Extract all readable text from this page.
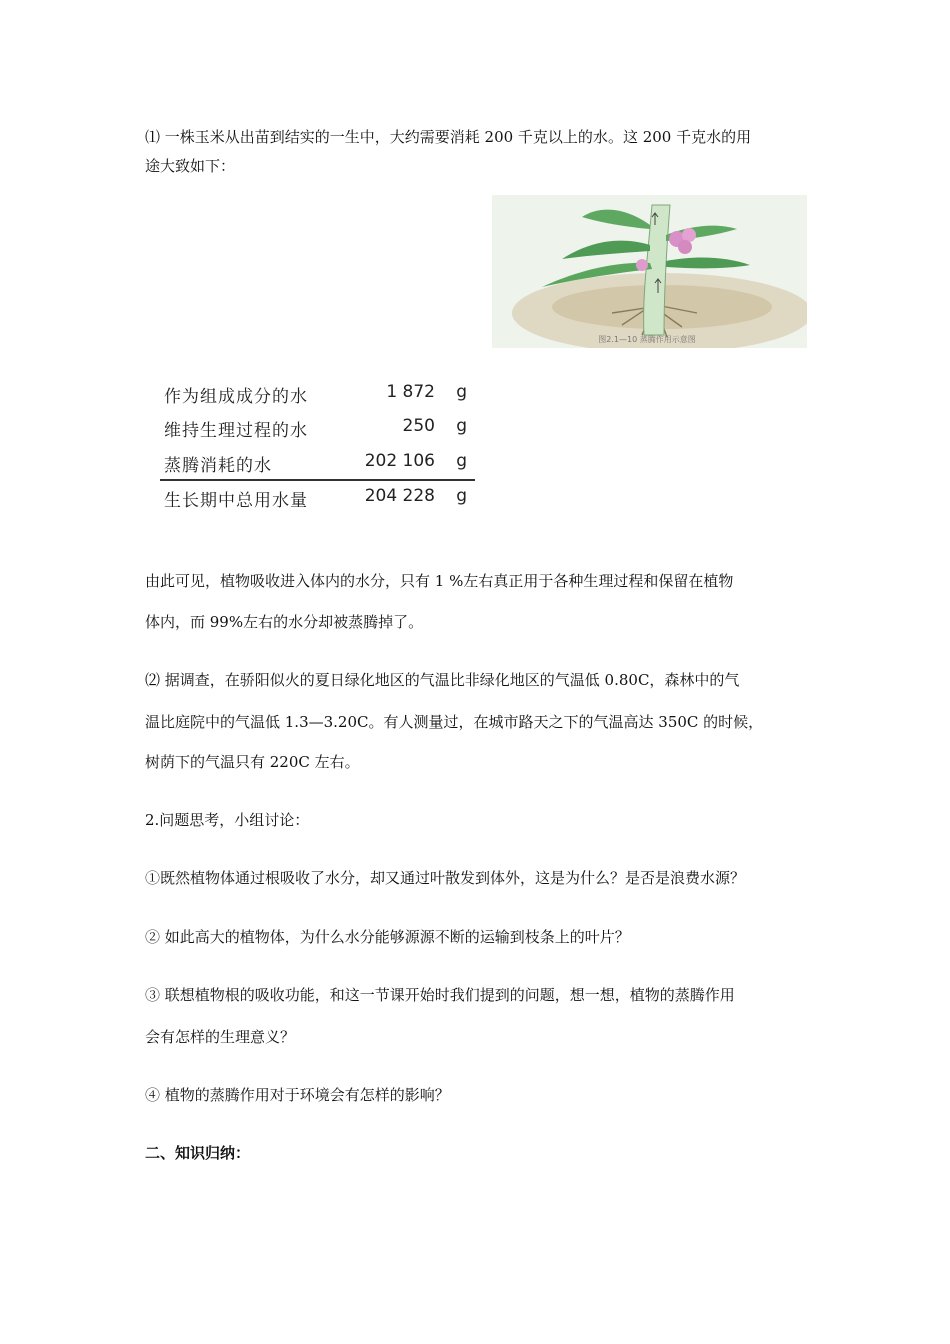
⑴ 一株玉米从出苗到结实的一生中，大约需要消耗 200 千克以上的水。这 200 千克水的用

途大致如下：

图2.1—10 蒸腾作用示意图
作为组成成分的水	1 872 g
维持生理过程的水	250 g
蒸腾消耗的水	202 106 g
生长期中总用水量	204 228 g

由此可见，植物吸收进入体内的水分，只有 1 %左右真正用于各种生理过程和保留在植物

体内，而 99%左右的水分却被蒸腾掉了。

⑵ 据调查，在骄阳似火的夏日绿化地区的气温比非绿化地区的气温低 0.80C，森林中的气

温比庭院中的气温低 1.3—3.20C。有人测量过，在城市路天之下的气温高达 350C 的时候，

树荫下的气温只有 220C 左右。

2.问题思考，小组讨论：

①既然植物体通过根吸收了水分，却又通过叶散发到体外，这是为什么？是否是浪费水源？

② 如此高大的植物体，为什么水分能够源源不断的运输到枝条上的叶片？

③ 联想植物根的吸收功能，和这一节课开始时我们提到的问题，想一想，植物的蒸腾作用

会有怎样的生理意义？

④ 植物的蒸腾作用对于环境会有怎样的影响？

二、知识归纳：
